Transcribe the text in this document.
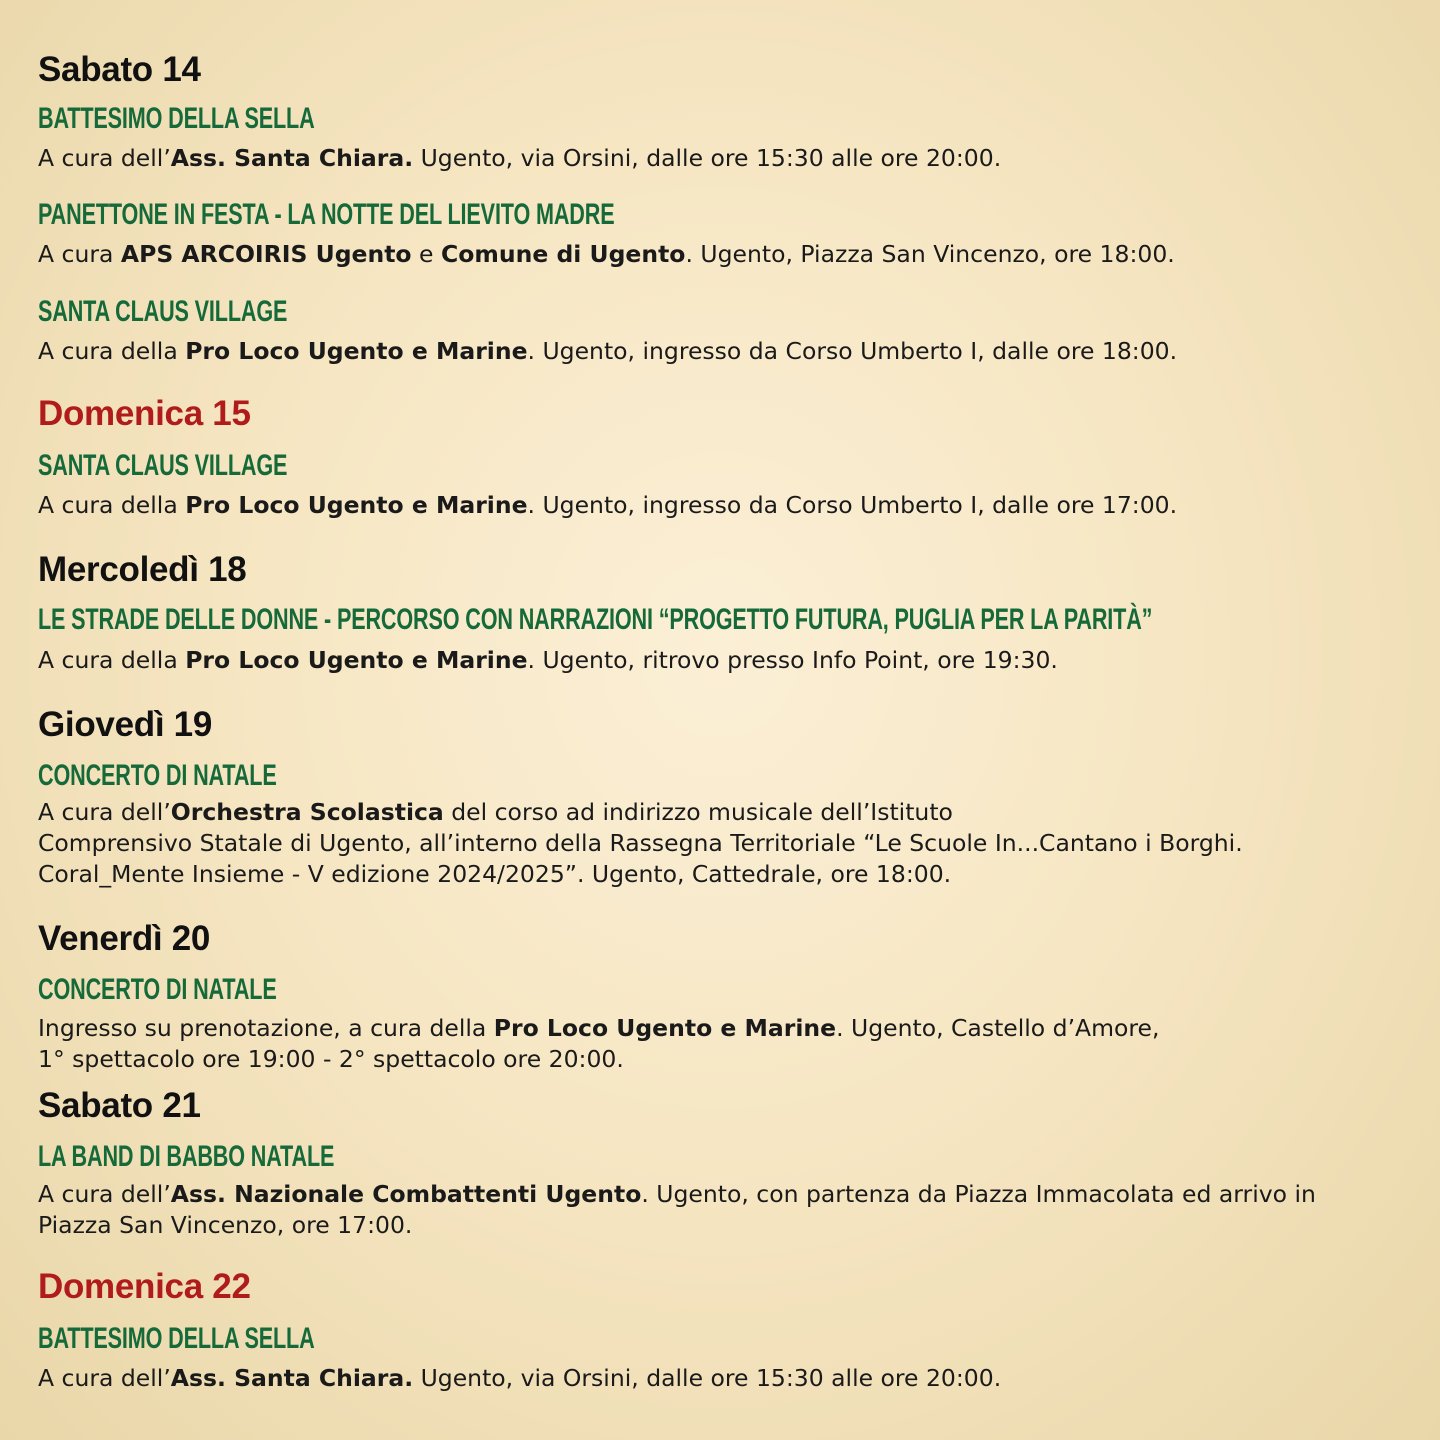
Sabato 14
BATTESIMO DELLA SELLA
A cura dell’Ass. Santa Chiara. Ugento, via Orsini, dalle ore 15:30 alle ore 20:00.
PANETTONE IN FESTA - LA NOTTE DEL LIEVITO MADRE
A cura APS ARCOIRIS Ugento e Comune di Ugento. Ugento, Piazza San Vincenzo, ore 18:00.
SANTA CLAUS VILLAGE
A cura della Pro Loco Ugento e Marine. Ugento, ingresso da Corso Umberto I, dalle ore 18:00.
Domenica 15
SANTA CLAUS VILLAGE
A cura della Pro Loco Ugento e Marine. Ugento, ingresso da Corso Umberto I, dalle ore 17:00.
Mercoledì 18
LE STRADE DELLE DONNE - PERCORSO CON NARRAZIONI “PROGETTO FUTURA, PUGLIA PER LA PARITÀ”
A cura della Pro Loco Ugento e Marine. Ugento, ritrovo presso Info Point, ore 19:30.
Giovedì 19
CONCERTO DI NATALE
A cura dell’Orchestra Scolastica del corso ad indirizzo musicale dell’Istituto
Comprensivo Statale di Ugento, all’interno della Rassegna Territoriale “Le Scuole In...Cantano i Borghi.
Coral_Mente Insieme - V edizione 2024/2025”. Ugento, Cattedrale, ore 18:00.
Venerdì 20
CONCERTO DI NATALE
Ingresso su prenotazione, a cura della Pro Loco Ugento e Marine. Ugento, Castello d’Amore,
1° spettacolo ore 19:00 - 2° spettacolo ore 20:00.
Sabato 21
LA BAND DI BABBO NATALE
A cura dell’Ass. Nazionale Combattenti Ugento. Ugento, con partenza da Piazza Immacolata ed arrivo in
Piazza San Vincenzo, ore 17:00.
Domenica 22
BATTESIMO DELLA SELLA
A cura dell’Ass. Santa Chiara. Ugento, via Orsini, dalle ore 15:30 alle ore 20:00.
